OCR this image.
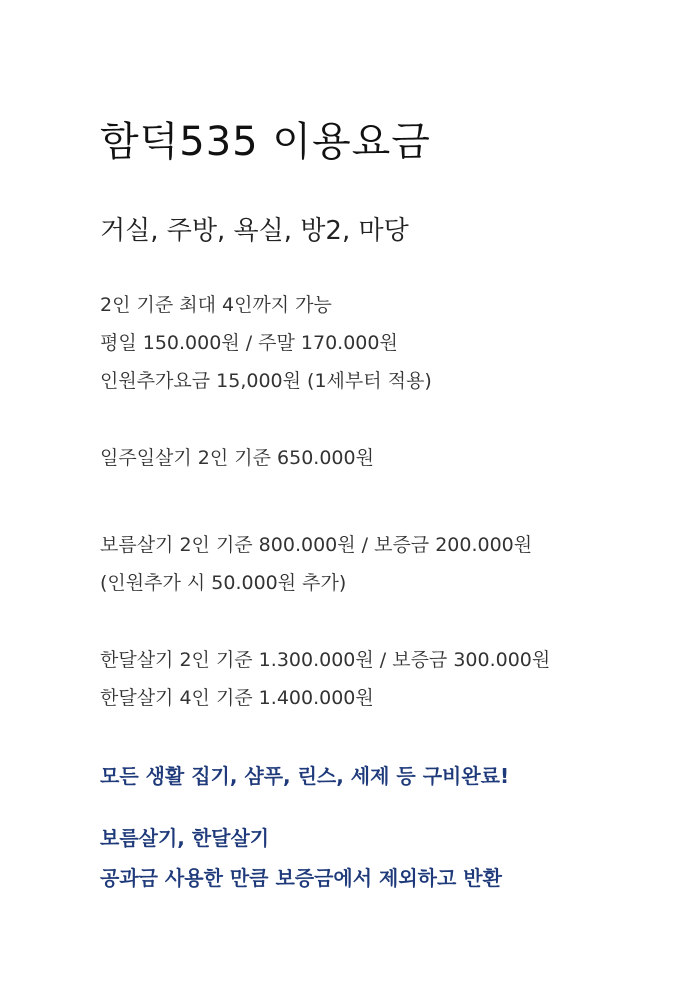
함덕535 이용요금
거실, 주방, 욕실, 방2, 마당
2인 기준 최대 4인까지 가능
평일 150.000원 / 주말 170.000원
인원추가요금 15,000원 (1세부터 적용)
일주일살기 2인 기준 650.000원
보름살기 2인 기준 800.000원 / 보증금 200.000원
(인원추가 시 50.000원 추가)
한달살기 2인 기준 1.300.000원 / 보증금 300.000원
한달살기 4인 기준 1.400.000원
모든 생활 집기, 샴푸, 린스, 세제 등 구비완료!
보름살기, 한달살기
공과금 사용한 만큼 보증금에서 제외하고 반환
